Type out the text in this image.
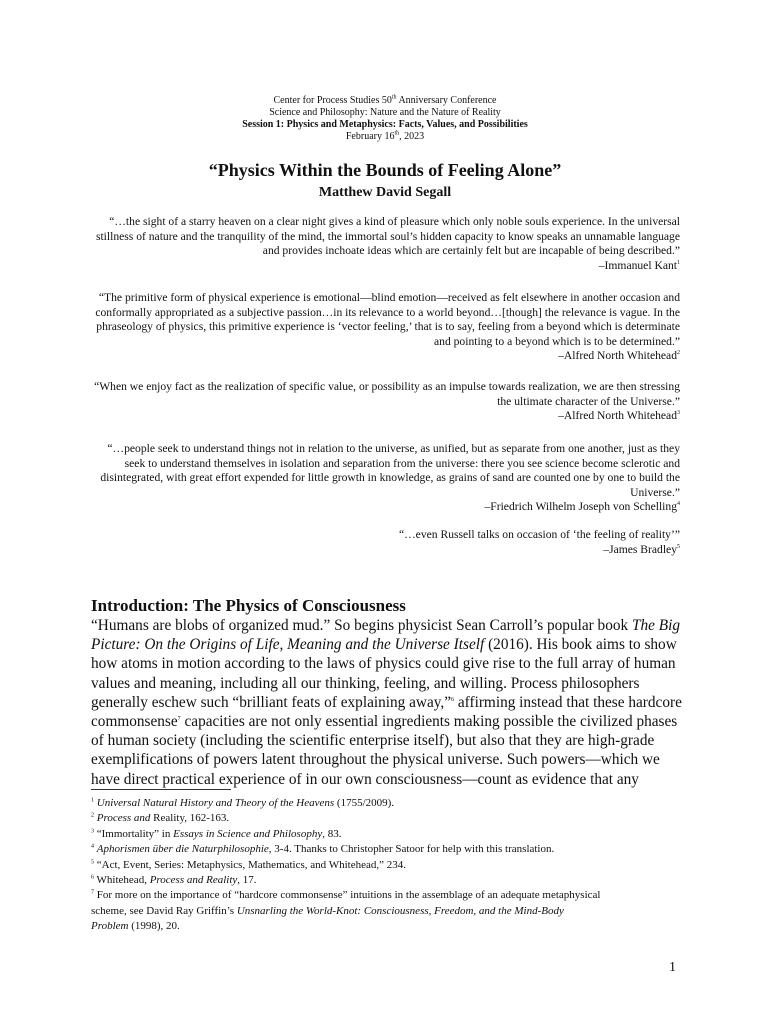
Center for Process Studies 50th Anniversary Conference
Science and Philosophy: Nature and the Nature of Reality
Session 1: Physics and Metaphysics: Facts, Values, and Possibilities
February 16th, 2023
“Physics Within the Bounds of Feeling Alone”
Matthew David Segall

“…the sight of a starry heaven on a clear night gives a kind of pleasure which only noble souls experience. In the universal stillness of nature and the tranquility of the mind, the immortal soul’s hidden capacity to know speaks an unnamable language and provides inchoate ideas which are certainly felt but are incapable of being described.”

–Immanuel Kant$^1$

“The primitive form of physical experience is emotional—blind emotion—received as felt elsewhere in another occasion and conformally appropriated as a subjective passion…in its relevance to a world beyond…[though] the relevance is vague. In the phraseology of physics, this primitive experience is ‘vector feeling,’ that is to say, feeling from a beyond which is determinate and pointing to a beyond which is to be determined.”

–Alfred North Whitehead$^2$

“When we enjoy fact as the realization of specific value, or possibility as an impulse towards realization, we are then stressing the ultimate character of the Universe.”

–Alfred North Whitehead$^3$

“…people seek to understand things not in relation to the universe, as unified, but as separate from one another, just as they seek to understand themselves in isolation and separation from the universe: there you see science become sclerotic and disintegrated, with great effort expended for little growth in knowledge, as grains of sand are counted one by one to build the Universe.”

–Friedrich Wilhelm Joseph von Schelling$^4$

“…even Russell talks on occasion of ‘the feeling of reality’”

–James Bradley$^5$

Introduction: The Physics of Consciousness
“Humans are blobs of organized mud.” So begins physicist Sean Carroll’s popular book The Big
Picture: On the Origins of Life, Meaning and the Universe Itself (2016). His book aims to show
how atoms in motion according to the laws of physics could give rise to the full array of human
values and meaning, including all our thinking, feeling, and willing. Process philosophers
generally eschew such “brilliant feats of explaining away,”$^6$ affirming instead that these hardcore
commonsense$^7$ capacities are not only essential ingredients making possible the civilized phases
of human society (including the scientific enterprise itself), but also that they are high-grade
exemplifications of powers latent throughout the physical universe. Such powers—which we
have direct practical experience of in our own consciousness—count as evidence that any
$^1$ Universal Natural History and Theory of the Heavens (1755/2009).
$^2$ Process and Reality, 162-163.
$^3$ “Immortality” in Essays in Science and Philosophy, 83.
$^4$ Aphorismen über die Naturphilosophie, 3-4. Thanks to Christopher Satoor for help with this translation.
$^5$ “Act, Event, Series: Metaphysics, Mathematics, and Whitehead,” 234.
$^6$ Whitehead, Process and Reality, 17.
$^7$ For more on the importance of “hardcore commonsense” intuitions in the assemblage of an adequate metaphysical
scheme, see David Ray Griffin’s Unsnarling the World-Knot: Consciousness, Freedom, and the Mind-Body
Problem (1998), 20.
1
